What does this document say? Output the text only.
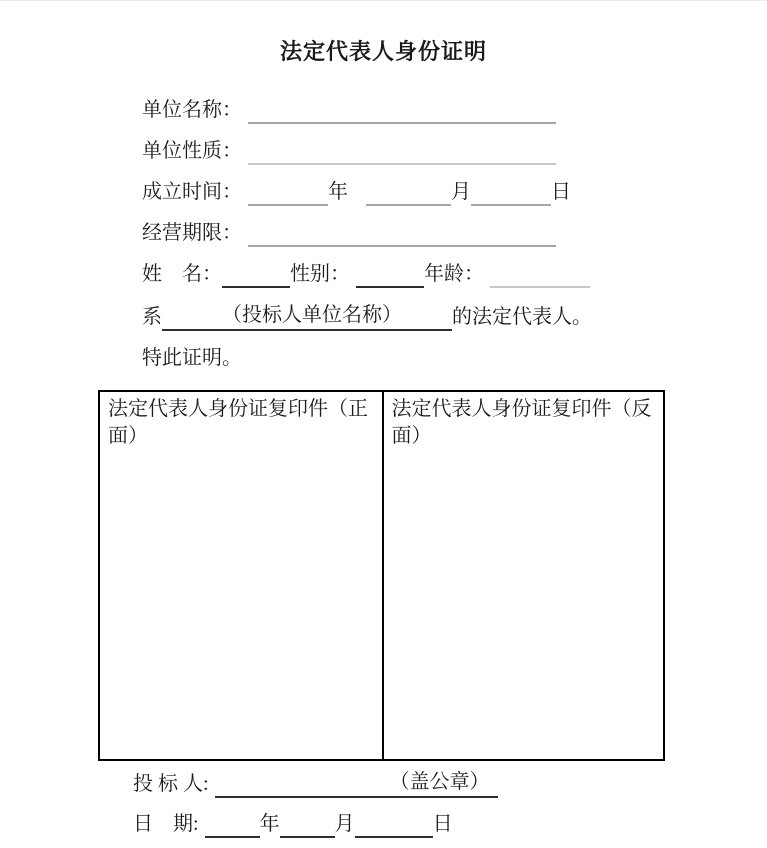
法定代表人身份证明
单位名称：
单位性质：
成立时间：	年	月	日
经营期限：
姓　名：	性别：	年龄：
系	（投标人单位名称）	的法定代表人。
特此证明。
法定代表人身份证复印件（正面）
法定代表人身份证复印件（反面）
投 标 人:	（盖公章）
日　期:	年	月	日
